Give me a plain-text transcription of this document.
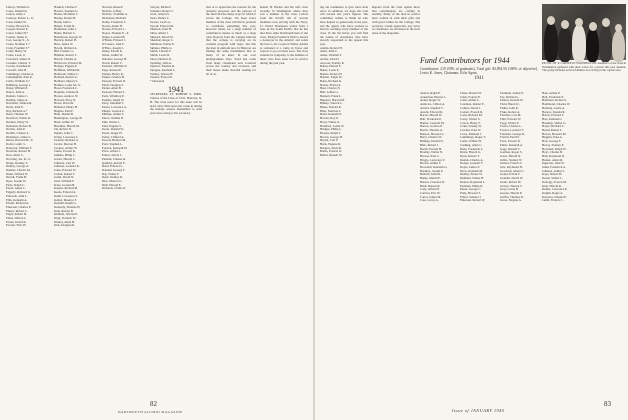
Chorey, William G.
Coles, Donald R.
Colton, Allen J.
Conway, Robert L., Jr.
Cook, Daniel W.
Cooley, Howard G.
Cooper, Robert E.
Cotter, James H.*
Coulter, James G.
Cox, George S., Jr.
Crane, Norman L.*
Craig, Franklin T.*
Crane, Henry W.
Crane, Leon, Jr.
Crawford, James O.
Creamer, Chester T.
Crosby, Jonathan D.
Crowell, John H.
Cummings, Charles A.
Cunningham, Paul R.
Curtis, William A.*
Dahlberg, George L.
Daley, William P.
Dance, John A.
Daniels, James C.
Darling, James A.
Davidson, Winton R.
Davis, Paul E.
Day, Richard A.*
Dean, Thomas W.
Dearborn, Walter R.
Dechert, Harry W.
Dennison, Robert B.
Devine, John P.
DeWitt, Charles L.
Dickinson, James C.
Dixon, Howard B., Jr.
Dodd, Cedric L.
Donovan, William F.
Doolittle, Robert H.
Dow, Allen C.
Dowling, Jas. R., Jr.
Drake, Rodney T.
Dudley, George A.
Dunbar, Charles M.
Dunn, Wilford W.
Duvall, Frank H.
Dyer, Joseph W.
Earle, Ralph C.
Eaton, Alden C.
Edgerly, Richard G.
Edwards, John L.
Ellis, Kenneth A.
Elwell, Richard A.
Emerson, Charles E.
Emery, Robert C.
Engle, Robert B.
Ennis, Wilson L.
Evans, David R.
Everett, Wm. H.
Haskell, Charles F.
Hazard, Stephen G.
Hazen, Mortimer J.
Healey, Robert B.
Heath, John L.
Hebert, Frank D.
Heffernan, John J.
Heinz, Herbert C.
Henderson, George W.
Herrick, Robert B.
Hess, James W.
Hewitt, Richard A.
Hill, Frederic L.
Hinman, Robert L.
Hirsch, Charles A.
Hitchcock, Edward M.
Hodges, Eugene P.
Hoffman, William R.
Holbrook, Walter C.
Holland, Robert G.
Hollister, Myron S.
Holmes, Louis M., Jr.
Hood, Frederick C.
Hopkins, Charles R.
Horton, Andrew W.
Howard, Elroy N.
Howe, David R.
Hubbard, Henry H.
Hughes, Paul F.
Hunt, Daniel B.
Huntington, George B.
Hurd, Arthur W.
Hutchins, Harold M.
Ide, Robert N.
Ingalls, John C.
Irving, Lawrence L.
Jackson, Richard A.
Jacobs, Morton B.
Jacques, Arthur W.
James, Everett R.
Jenkins, Philip C.
Jewett, Harold L.
Johnson, Carl W.
Johnson, Leonard R.
Jones, Edward W.
Jordan, Robert T.
Joslin, David N.
Judd, William F.
Kane, Gordon B.
Kaplan, Richard H.
Keefe, Edward A.
Keith, Lawrence S.
Kelley, Maurice F.
Kendall, Ralph G.
Kennedy, Thomas H.
Kent, Robert B.
Kimball, Warren E.
King, Frederic W.
Kinney, Allen H.
Kirk, Douglas R.
Newton, Russell
Nichols, Jeffrey
Nichols, Vladimir A.
Nicholson, Richard
Noble, Frederick T.
Norris, Alden H.
Norton, Edward C.
Noyes, Thomas E., Jr.
Oakes, Leonard B.
O'Brien, Edward J.
O'Connor, John F.
O'Hara, Joseph L.
Olney, Edwin R.
Olsen, Arthur W.
Osborne, George H.
Owen, Robert C.
Packard, William N.
Page, Roland E.
Palmer, Henry R.
Parker, Charles H.
Parsons, Everett D.
Patch, Douglas S.
Patten, Allen B.
Pearson, Harold L.
Peck, Winthrop E.
Perkins, Ralph W.
Perry, Marshall T.
Peters, Lawrence A.
Phelps, Gordon C.
Phillips, Arthur F.
Pierce, Nathan R.
Pike, Walter J.
Platt, Eugene S.
Poole, Donald W.
Porter, Roger H.
Potter, Clifford A.
Powell, Herbert M.
Pratt, Stephen L.
Preston, Kenneth W.
Price, Alfred J.
Prince, David L.
Putnam, Chester R.
Quimby, Arnold E.
Rand, Edward C.
Randall, George T.
Ray, Walter F.
Reed, Stanley R.
Rice, Morton G.
Rich, Harold E.
Richards, Frank W.
Sawyer, Richard
Schaefer, Robert J.
Scott, Arnold S.
Sears, Henry T.
Seaver, Lewis A.
Sewall, Edward M.
Shattuck, Paul H.
Shaw, Albert J.
Shepard, David W.
Sherman, Roger C.
Simmons, Walter E.
Skinner, Philip G.
Smith, Charles F.
Smith, Lewis R.
Snow, Herbert D.
Spalding, John A.
Spencer, Thomas R.
Sprague, Kenneth L.
Stanley, Warren B.
Stearns, Everett P.
* Deceased
1941
SECRETARY, LT. ROBERT S. KIRK. Trustee of the Class of 1941, Hanover, N. H. The class notes for this issue will be brief, since little news has come in during the holiday season. Remember to send your news along to the secretary.
tion or to appreciate the reasons for the tentative proposal, and the purpose of the fund and the many ways in which it serves the College. We hope every member of the class will find it possible to contribute something this year, however small, for a large number of contributors means as much as a large total. Reports from the campus indicate that the college is carrying on its wartime program with vigor, and that the men in uniform now in Hanover are finding the same friendliness that so many of us knew in our own undergraduate days. Word has come from many classmates now scattered across the country and overseas, and their letters make cheerful reading for all of us.
Robert H. Barnes and his wife were recently in Washington where they saw a number of the class. Letters from the Pacific tell of several members now serving with the Navy. Lt. David Thompson writes from a base in the South Pacific that he has met three other Dartmouth men of the class. Ensign Frederick Hall is aboard a destroyer in the Atlantic and sends his best to all. Corporal Walter Adams is stationed at a camp in Texas and expects to go overseas soon. The class extends its sympathy to the families of those who have been lost in service during the past year.
82
DARTMOUTH ALUMNI MAGAZINE
ing our teammates to give more than once; in addition, we hope the total will exceed last year's figures. The committee wishes to thank all who have helped so generously in the past, and the agents who have worked so hard in reaching every member of the class. In the list below you will find the names of classmates who have already responded to the appeal this year.
Adams, Robert H.
Allen, John C.
Ames, Wendell T.
Archer, Paul D.
Atwood, Stanley R.
Bailey, Harold F.
Baker, Louis E.
Barnes, Robert H.
Bartlett, Edgar W.
Bates, Richard K.
Baxter, Ernest A.
Beal, Charles N.
Bell, Arthur G.
Bennett, Frank L.
Bigelow, Harold M.
Bishop, Warren C.
Blake, Donald R.
Bliss, Norman S.
Bond, Kenneth P.
Bowen, Roy E.
Boyd, Walter A.
Bradford, Leslie W.
Bridges, Philip L.
Brooks, Ralph T.
Brown, George H.
Bryant, Carl F.
Buck, Eugene R.
Burgess, Allen D.
Burns, Francis X.
Butler, Russell W.
Reports from the class agents show that contributions are coming in steadily. Many of the men in service have written in with their gifts and with good wishes for the College. The secretary would appreciate any news of classmates for inclusion in the next issue of the magazine.
Fund Contributors for 1944
Contributors: 219 (59% of graduates). Total gift: $3,894.50 (100% of objective). Lewis K. Jones, Chairman; Gifts Agent.
1941
Abbott, Ralph E.
Ackerman, Burton L.
Alden, Roger W.
Andrews, Clifton A.
Arnold, Stephen T.
Austin, Edward R.
Bacon, Harold W.
Ball, Frederick P.
Barker, Leonard M.
Barton, Gordon E.
Beach, Thomas A.
Benson, Howard L.
Berry, Charles W.
Billings, Donald S.
Blair, Robert J.
Booth, Everett H.
Bradley, Walter N.
Brewer, Paul C.
Briggs, Lawrence T.
Brown, Arthur F.
Brownell, Kenneth G.
Buckley, Joseph P.
Bullard, Allan R.
Burke, Martin E.
Burton, Clarence D.
Bush, Nelson R.
Cady, Alfred H.
Carlson, Eric W.
Carter, James M.
Case, Leroy A.
Chase, Harold W.
Clark, Francis P.
Cobb, Arthur L.
Coleman, Robert E.
Collins, David J.
Conant, Everett R.
Cook, Richard M.
Corey, Walter S.
Cotton, Henry F.
Cram, Stanley D.
Crocker, Paul W.
Cross, Edmund J.
Cummings, Roger T.
Curtis, Wilbur H.
Cushing, Allen C.
Dana, Frederick L.
Davis, Harold G.
Dean, Robert T.
Dennis, Charles A.
Dodge, Leonard F.
Doyle, James E.
Drew, Kenneth M.
Dudley, Ernest W.
Dunham, Walter B.
Dutton, Raymond L.
Eastman, Philip R.
Eaton, George C.
Eddy, Howard S.
Elliott, Samuel J.
Emerson, Robert W.
Farnham, Arthur E.
Fay, Richard L.
Fenton, Donald W.
Field, Harold C.
Fisher, John R.
Fiske, Robert A.
Fletcher, Carl M.
Flint, Edward W.
Fogg, Walter P.
Foster, Charles L.
Fowler, Leonard T.
Freeman, George R.
French, Paul H.
Frost, Everett D.
Fuller, Kenneth A.
Gage, Russell T.
Gardner, Roger S.
Gates, Harold N.
Gibbs, Stanley W.
Gilbert, Francis L.
Gile, Raymond H.
Goodwin, Albert C.
Gould, Edwin F.
Graham, David W.
Grant, Robert M.
Graves, Warren T.
Gray, Lewis B.
Greene, Harold P.
Griffin, Thomas R.
Gross, Eugene A.
Hale, Arthur P.
Hall, Frederick E.
Hamilton, Robert S.
Hammond, Charles W.
Harding, Leslie A.
Harlow, Donald R.
Harris, Edward T.
Hart, Kenneth J.
Hastings, Walter G.
Hayes, Richard C.
Heald, Robert L.
Hewes, Howard M.
Higgins, Paul A.
Holt, George F.
Hovey, Stanley E.
Howland, Ralph W.
Hoyt, Charles B.
Hull, Raymond D.
Hunter, Allen M.
Ingersoll, John W.
Jenks, Frederick A.
Johnson, Arthur S.
Kaye, Robert H.
Keene, Walter L.
Kellogg, Everett M.
Kent, Harold R.
Kidder, Lawrence P.
Knight, Roger A.
Knowles, Donald E.
Lamb, Francis C.
PICNIC OF '41 GROUP IN WASHINGTON: members of the class in Washington gathered with their wives for a picnic this past autumn. The group includes several families now living in the capital area.
83
Issue of JANUARY 1945
